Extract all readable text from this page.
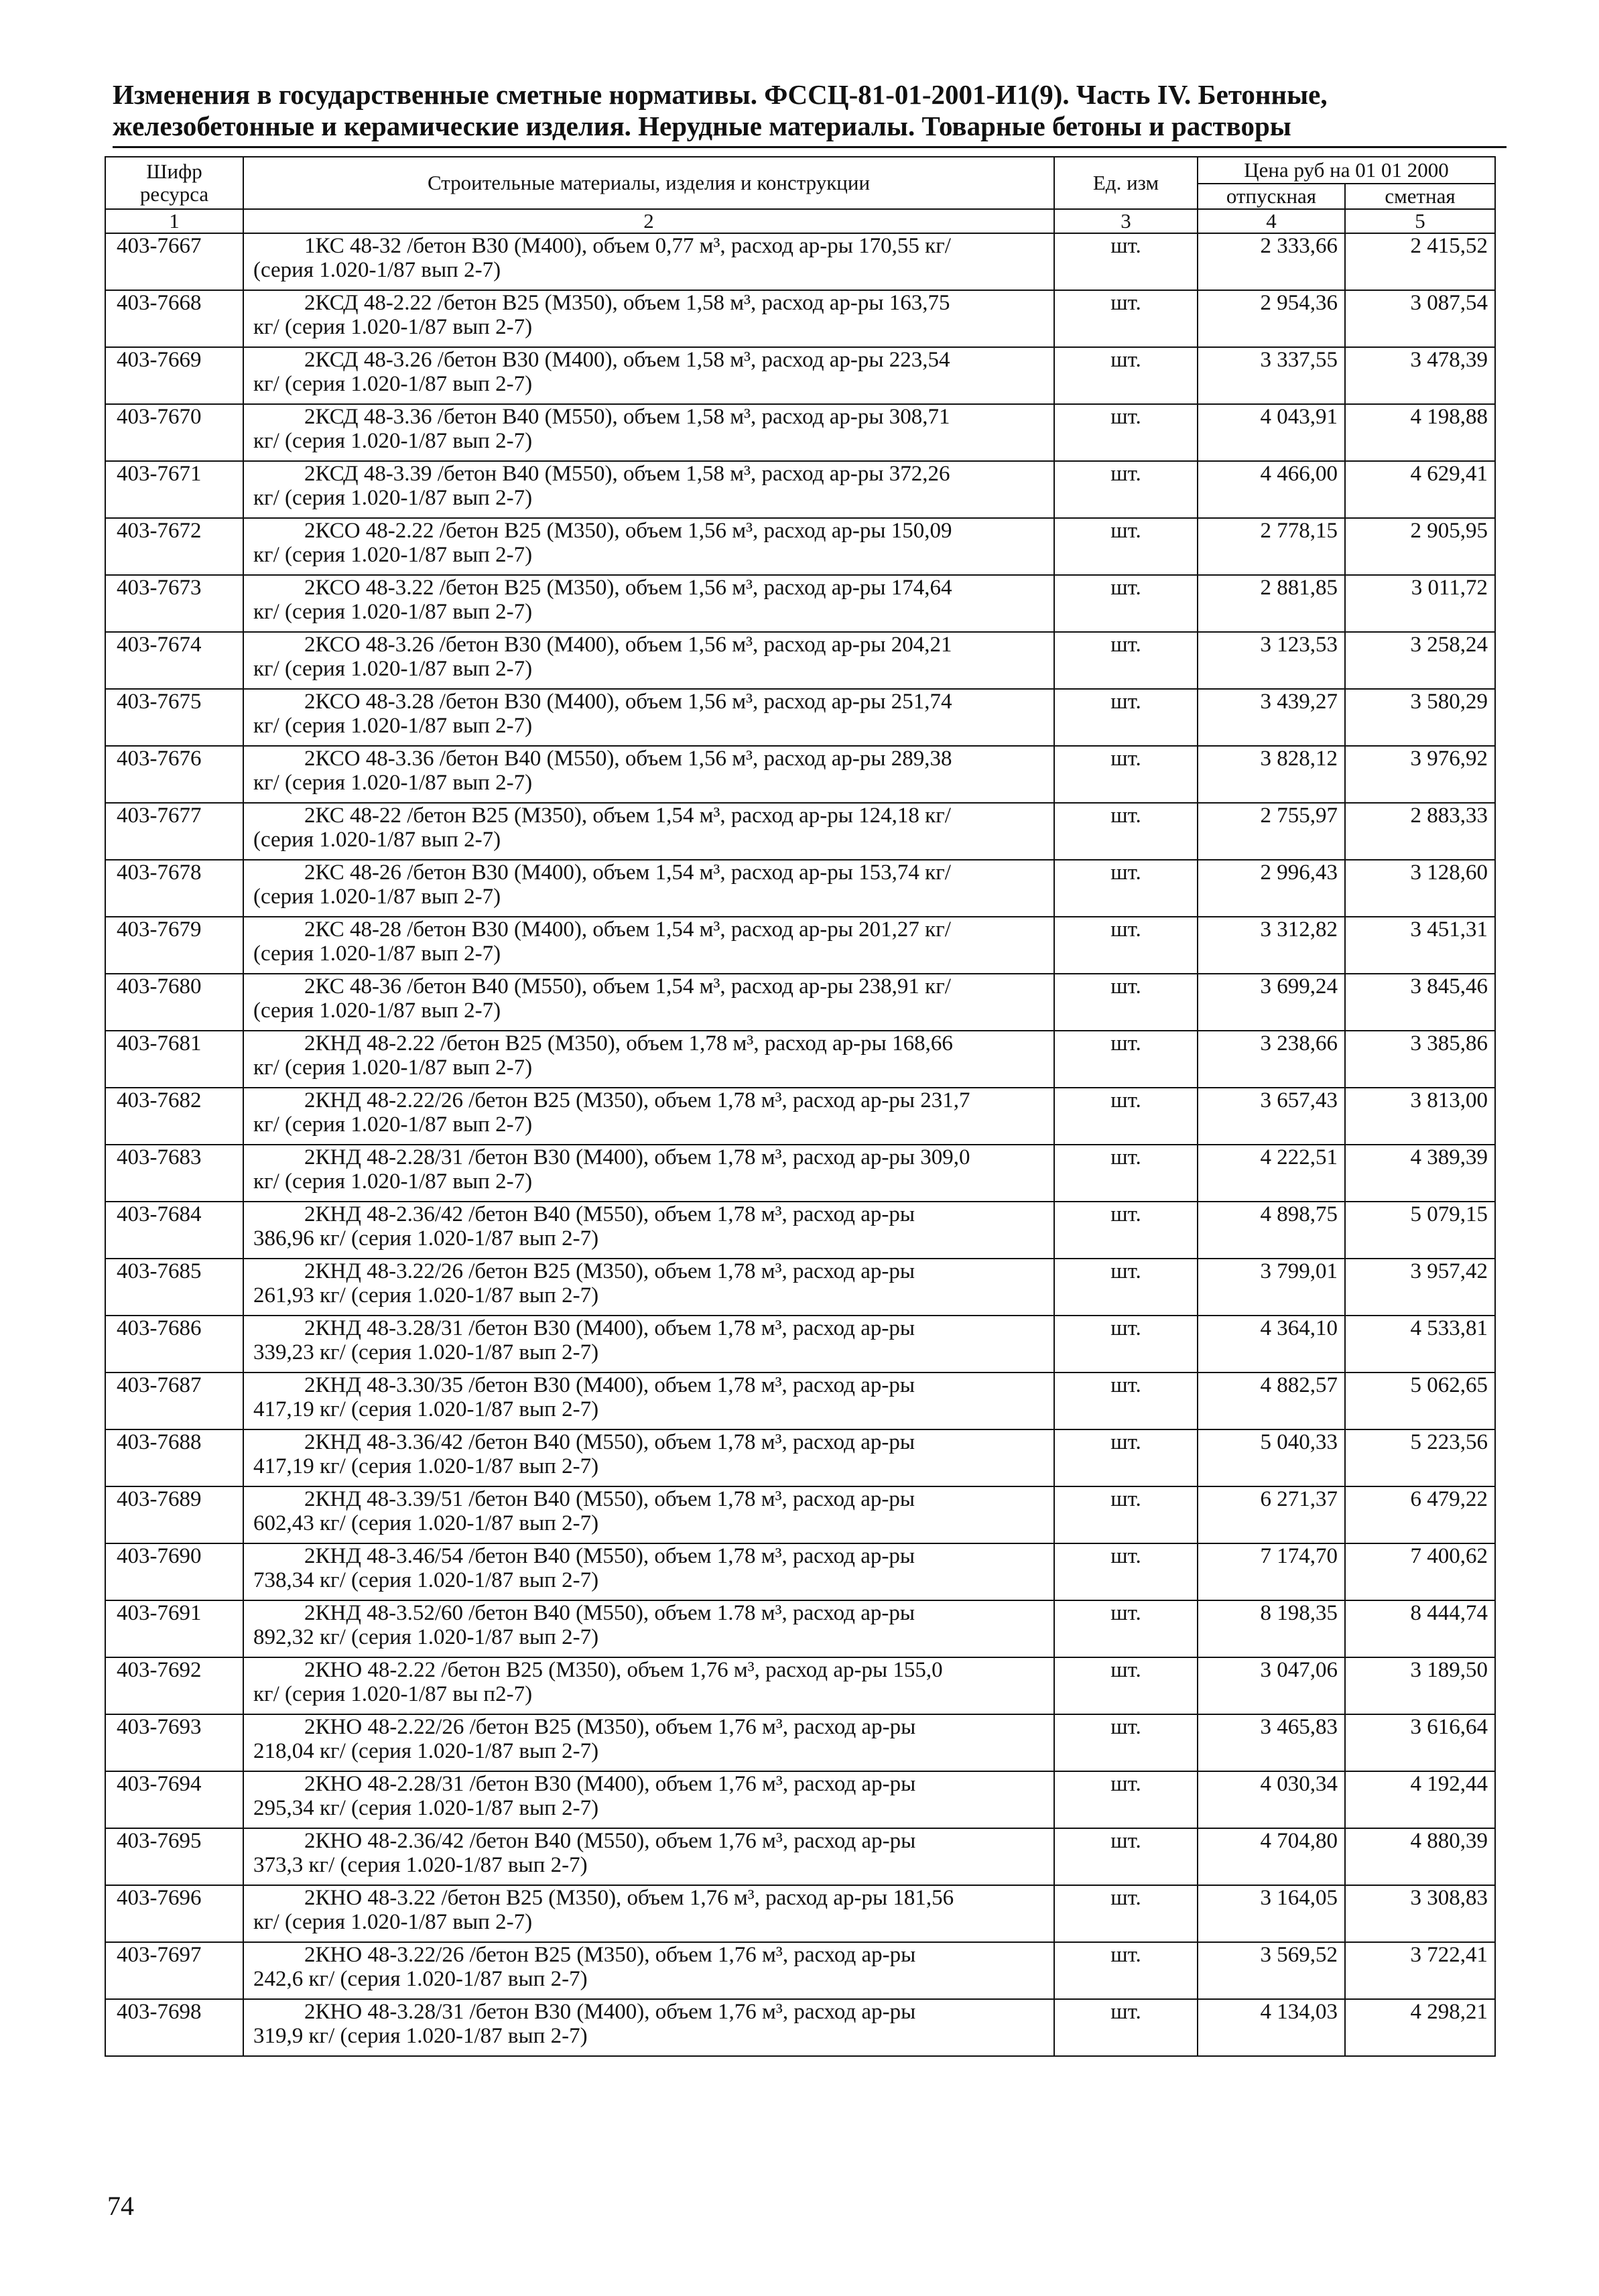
Изменения в государственные сметные нормативы. ФССЦ-81-01-2001-И1(9). Часть IV. Бетонные, железобетонные и керамические изделия. Нерудные материалы. Товарные бетоны и растворы
Шифр ресурса	Строительные материалы, изделия и конструкции	Ед. изм	Цена руб на 01 01 2000	
			отпускная	сметная
1	2	3	4	5
403-7667	1КС 48-32 /бетон В30 (М400), объем 0,77 м³, расход ар-ры 170,55 кг/
(серия 1.020-1/87 вып 2-7)	шт.	2 333,66	2 415,52
403-7668	2КСД 48-2.22 /бетон В25 (М350), объем 1,58 м³, расход ар-ры 163,75
кг/ (серия 1.020-1/87 вып 2-7)	шт.	2 954,36	3 087,54
403-7669	2КСД 48-3.26 /бетон В30 (М400), объем 1,58 м³, расход ар-ры 223,54
кг/ (серия 1.020-1/87 вып 2-7)	шт.	3 337,55	3 478,39
403-7670	2КСД 48-3.36 /бетон В40 (М550), объем 1,58 м³, расход ар-ры 308,71
кг/ (серия 1.020-1/87 вып 2-7)	шт.	4 043,91	4 198,88
403-7671	2КСД 48-3.39 /бетон В40 (М550), объем 1,58 м³, расход ар-ры 372,26
кг/ (серия 1.020-1/87 вып 2-7)	шт.	4 466,00	4 629,41
403-7672	2КСО 48-2.22 /бетон В25 (М350), объем 1,56 м³, расход ар-ры 150,09
кг/ (серия 1.020-1/87 вып 2-7)	шт.	2 778,15	2 905,95
403-7673	2КСО 48-3.22 /бетон В25 (М350), объем 1,56 м³, расход ар-ры 174,64
кг/ (серия 1.020-1/87 вып 2-7)	шт.	2 881,85	3 011,72
403-7674	2КСО 48-3.26 /бетон В30 (М400), объем 1,56 м³, расход ар-ры 204,21
кг/ (серия 1.020-1/87 вып 2-7)	шт.	3 123,53	3 258,24
403-7675	2КСО 48-3.28 /бетон В30 (М400), объем 1,56 м³, расход ар-ры 251,74
кг/ (серия 1.020-1/87 вып 2-7)	шт.	3 439,27	3 580,29
403-7676	2КСО 48-3.36 /бетон В40 (М550), объем 1,56 м³, расход ар-ры 289,38
кг/ (серия 1.020-1/87 вып 2-7)	шт.	3 828,12	3 976,92
403-7677	2КС 48-22 /бетон В25 (М350), объем 1,54 м³, расход ар-ры 124,18 кг/
(серия 1.020-1/87 вып 2-7)	шт.	2 755,97	2 883,33
403-7678	2КС 48-26 /бетон В30 (М400), объем 1,54 м³, расход ар-ры 153,74 кг/
(серия 1.020-1/87 вып 2-7)	шт.	2 996,43	3 128,60
403-7679	2КС 48-28 /бетон В30 (М400), объем 1,54 м³, расход ар-ры 201,27 кг/
(серия 1.020-1/87 вып 2-7)	шт.	3 312,82	3 451,31
403-7680	2КС 48-36 /бетон В40 (М550), объем 1,54 м³, расход ар-ры 238,91 кг/
(серия 1.020-1/87 вып 2-7)	шт.	3 699,24	3 845,46
403-7681	2КНД 48-2.22 /бетон В25 (М350), объем 1,78 м³, расход ар-ры 168,66
кг/ (серия 1.020-1/87 вып 2-7)	шт.	3 238,66	3 385,86
403-7682	2КНД 48-2.22/26 /бетон В25 (М350), объем 1,78 м³, расход ар-ры 231,7
кг/ (серия 1.020-1/87 вып 2-7)	шт.	3 657,43	3 813,00
403-7683	2КНД 48-2.28/31 /бетон В30 (М400), объем 1,78 м³, расход ар-ры 309,0
кг/ (серия 1.020-1/87 вып 2-7)	шт.	4 222,51	4 389,39
403-7684	2КНД 48-2.36/42 /бетон В40 (М550), объем 1,78 м³, расход ар-ры
386,96 кг/ (серия 1.020-1/87 вып 2-7)	шт.	4 898,75	5 079,15
403-7685	2КНД 48-3.22/26 /бетон В25 (М350), объем 1,78 м³, расход ар-ры
261,93 кг/ (серия 1.020-1/87 вып 2-7)	шт.	3 799,01	3 957,42
403-7686	2КНД 48-3.28/31 /бетон В30 (М400), объем 1,78 м³, расход ар-ры
339,23 кг/ (серия 1.020-1/87 вып 2-7)	шт.	4 364,10	4 533,81
403-7687	2КНД 48-3.30/35 /бетон В30 (М400), объем 1,78 м³, расход ар-ры
417,19 кг/ (серия 1.020-1/87 вып 2-7)	шт.	4 882,57	5 062,65
403-7688	2КНД 48-3.36/42 /бетон В40 (М550), объем 1,78 м³, расход ар-ры
417,19 кг/ (серия 1.020-1/87 вып 2-7)	шт.	5 040,33	5 223,56
403-7689	2КНД 48-3.39/51 /бетон В40 (М550), объем 1,78 м³, расход ар-ры
602,43 кг/ (серия 1.020-1/87 вып 2-7)	шт.	6 271,37	6 479,22
403-7690	2КНД 48-3.46/54 /бетон В40 (М550), объем 1,78 м³, расход ар-ры
738,34 кг/ (серия 1.020-1/87 вып 2-7)	шт.	7 174,70	7 400,62
403-7691	2КНД 48-3.52/60 /бетон В40 (М550), объем 1.78 м³, расход ар-ры
892,32 кг/ (серия 1.020-1/87 вып 2-7)	шт.	8 198,35	8 444,74
403-7692	2КНО 48-2.22 /бетон В25 (М350), объем 1,76 м³, расход ар-ры 155,0
кг/ (серия 1.020-1/87 вы п2-7)	шт.	3 047,06	3 189,50
403-7693	2КНО 48-2.22/26 /бетон В25 (М350), объем 1,76 м³, расход ар-ры
218,04 кг/ (серия 1.020-1/87 вып 2-7)	шт.	3 465,83	3 616,64
403-7694	2КНО 48-2.28/31 /бетон В30 (М400), объем 1,76 м³, расход ар-ры
295,34 кг/ (серия 1.020-1/87 вып 2-7)	шт.	4 030,34	4 192,44
403-7695	2КНО 48-2.36/42 /бетон В40 (М550), объем 1,76 м³, расход ар-ры
373,3 кг/ (серия 1.020-1/87 вып 2-7)	шт.	4 704,80	4 880,39
403-7696	2КНО 48-3.22 /бетон В25 (М350), объем 1,76 м³, расход ар-ры 181,56
кг/ (серия 1.020-1/87 вып 2-7)	шт.	3 164,05	3 308,83
403-7697	2КНО 48-3.22/26 /бетон В25 (М350), объем 1,76 м³, расход ар-ры
242,6 кг/ (серия 1.020-1/87 вып 2-7)	шт.	3 569,52	3 722,41
403-7698	2КНО 48-3.28/31 /бетон В30 (М400), объем 1,76 м³, расход ар-ры
319,9 кг/ (серия 1.020-1/87 вып 2-7)	шт.	4 134,03	4 298,21
74
